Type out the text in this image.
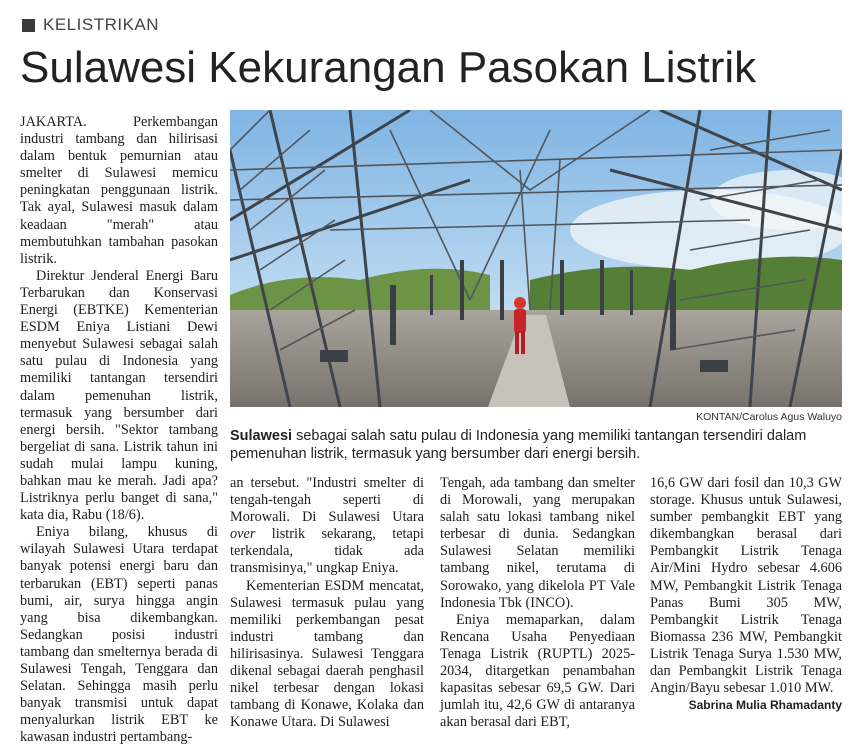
KELISTRIKAN
Sulawesi Kekurangan Pasokan Listrik

JAKARTA. Perkembangan industri tambang dan hilirisasi dalam bentuk pemurnian atau smelter di Sulawesi memicu peningkatan penggunaan listrik. Tak ayal, Sulawesi masuk dalam keadaan "merah" atau membutuhkan tambahan pasokan listrik.

Direktur Jenderal Energi Baru Terbarukan dan Konservasi Energi (EBTKE) Kementerian ESDM Eniya Listiani Dewi menyebut Sulawesi sebagai salah satu pulau di Indonesia yang memiliki tantangan tersendiri dalam pemenuhan listrik, termasuk yang bersumber dari energi bersih. "Sektor tambang bergeliat di sana. Listrik tahun ini sudah mulai lampu kuning, bahkan mau ke merah. Jadi apa? Listriknya perlu banget di sana," kata dia, Rabu (18/6).

Eniya bilang, khusus di wilayah Sulawesi Utara terdapat banyak potensi energi baru dan terbarukan (EBT) seperti panas bumi, air, surya hingga angin yang bisa dikembangkan. Sedangkan posisi industri tambang dan smelternya berada di Sulawesi Tengah, Tenggara dan Selatan. Sehingga masih perlu banyak transmisi untuk dapat menyalurkan listrik EBT ke kawasan industri pertambang-

KONTAN/Carolus Agus Waluyo
Sulawesi sebagai salah satu pulau di Indonesia yang memiliki tantangan tersendiri dalam pemenuhan listrik, termasuk yang bersumber dari energi bersih.

an tersebut. "Industri smelter di tengah-tengah seperti di Morowali. Di Sulawesi Utara over listrik sekarang, tetapi terkendala, tidak ada transmisinya," ungkap Eniya.

Kementerian ESDM mencatat, Sulawesi termasuk pulau yang memiliki perkembangan pesat industri tambang dan hilirisasinya. Sulawesi Tenggara dikenal sebagai daerah penghasil nikel terbesar dengan lokasi tambang di Konawe, Kolaka dan Konawe Utara. Di Sulawesi

Tengah, ada tambang dan smelter di Morowali, yang merupakan salah satu lokasi tambang nikel terbesar di dunia. Sedangkan Sulawesi Selatan memiliki tambang nikel, terutama di Sorowako, yang dikelola PT Vale Indonesia Tbk (INCO).

Eniya memaparkan, dalam Rencana Usaha Penyediaan Tenaga Listrik (RUPTL) 2025-2034, ditargetkan penambahan kapasitas sebesar 69,5 GW. Dari jumlah itu, 42,6 GW di antaranya akan berasal dari EBT,

16,6 GW dari fosil dan 10,3 GW storage. Khusus untuk Sulawesi, sumber pembangkit EBT yang dikembangkan berasal dari Pembangkit Listrik Tenaga Air/Mini Hydro sebesar 4.606 MW, Pembangkit Listrik Tenaga Panas Bumi 305 MW, Pembangkit Listrik Tenaga Biomassa 236 MW, Pembangkit Listrik Tenaga Surya 1.530 MW, dan Pembangkit Listrik Tenaga Angin/Bayu sebesar 1.010 MW.

Sabrina Mulia Rhamadanty
